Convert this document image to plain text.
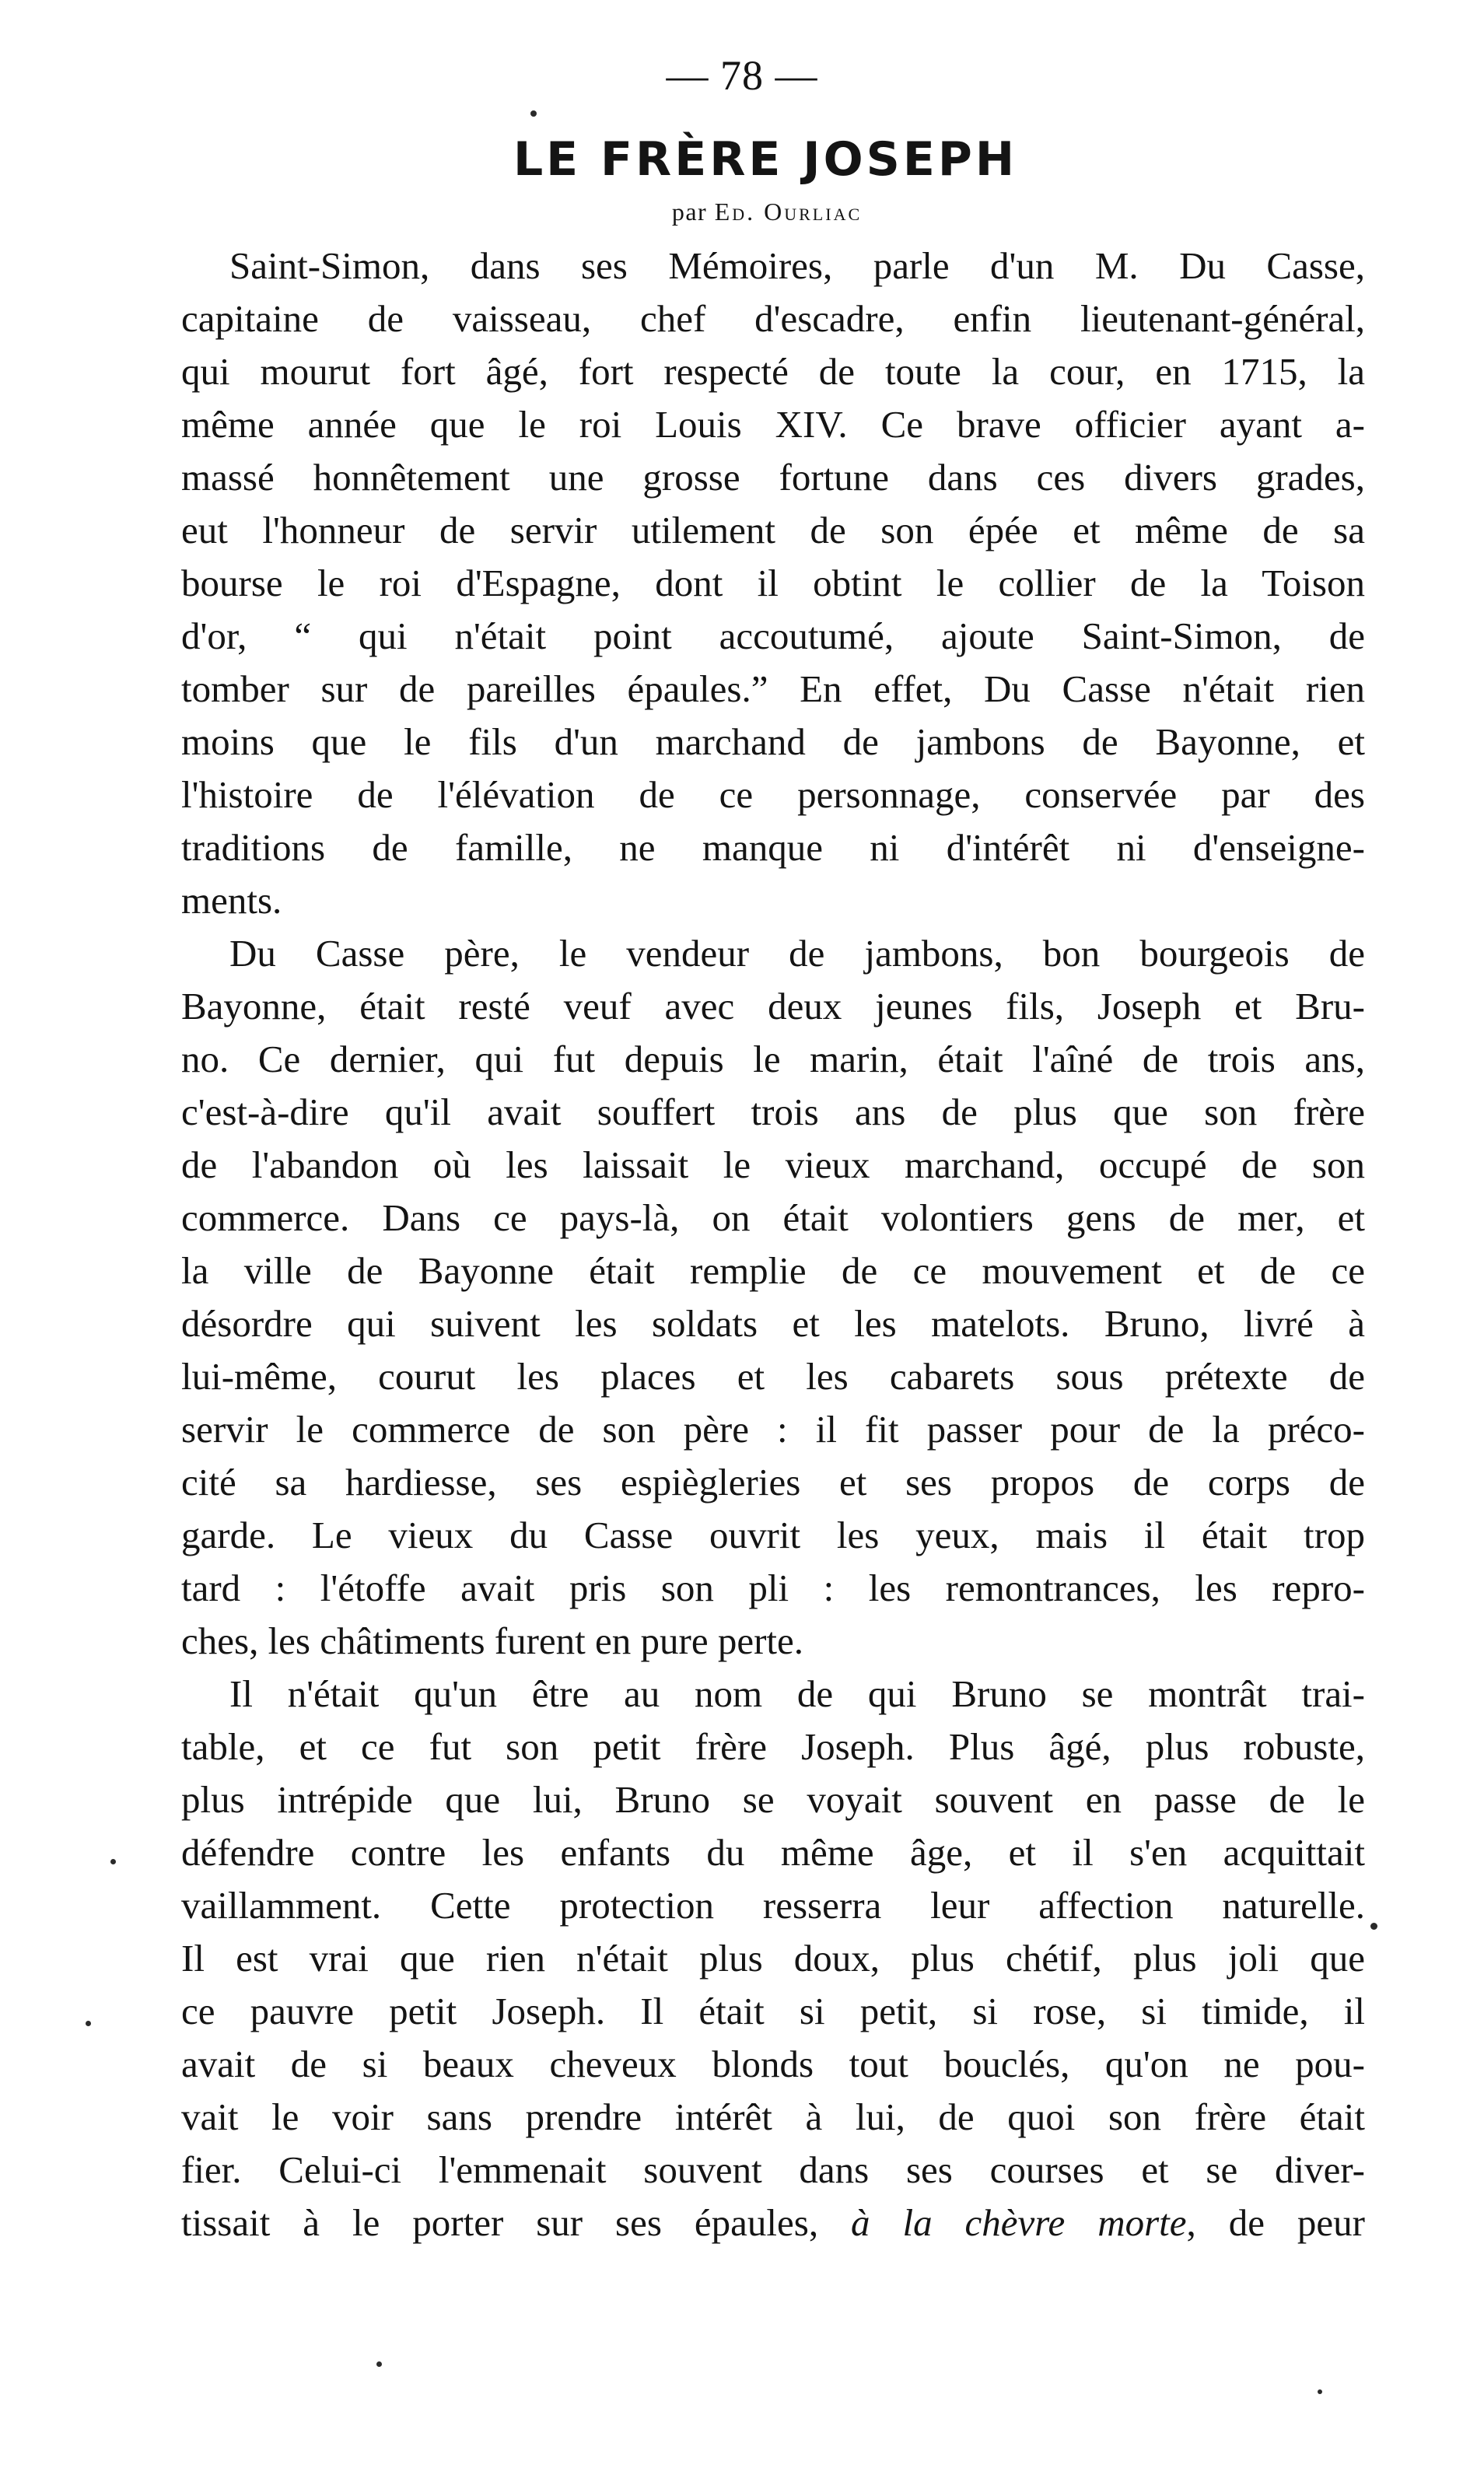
— 78 —
LE FRÈRE JOSEPH
par Ed. Ourliac
Saint-Simon, dans ses Mémoires, parle d'un M. Du Casse,
capitaine de vaisseau, chef d'escadre, enfin lieutenant-général,
qui mourut fort âgé, fort respecté de toute la cour, en 1715, la
même année que le roi Louis XIV. Ce brave officier ayant a-
massé honnêtement une grosse fortune dans ces divers grades,
eut l'honneur de servir utilement de son épée et même de sa
bourse le roi d'Espagne, dont il obtint le collier de la Toison
d'or, “ qui n'était point accoutumé, ajoute Saint-Simon, de
tomber sur de pareilles épaules.” En effet, Du Casse n'était rien
moins que le fils d'un marchand de jambons de Bayonne, et
l'histoire de l'élévation de ce personnage, conservée par des
traditions de famille, ne manque ni d'intérêt ni d'enseigne-
ments.
Du Casse père, le vendeur de jambons, bon bourgeois de
Bayonne, était resté veuf avec deux jeunes fils, Joseph et Bru-
no. Ce dernier, qui fut depuis le marin, était l'aîné de trois ans,
c'est-à-dire qu'il avait souffert trois ans de plus que son frère
de l'abandon où les laissait le vieux marchand, occupé de son
commerce. Dans ce pays-là, on était volontiers gens de mer, et
la ville de Bayonne était remplie de ce mouvement et de ce
désordre qui suivent les soldats et les matelots. Bruno, livré à
lui-même, courut les places et les cabarets sous prétexte de
servir le commerce de son père : il fit passer pour de la préco-
cité sa hardiesse, ses espiègleries et ses propos de corps de
garde. Le vieux du Casse ouvrit les yeux, mais il était trop
tard : l'étoffe avait pris son pli : les remontrances, les repro-
ches, les châtiments furent en pure perte.
Il n'était qu'un être au nom de qui Bruno se montrât trai-
table, et ce fut son petit frère Joseph. Plus âgé, plus robuste,
plus intrépide que lui, Bruno se voyait souvent en passe de le
défendre contre les enfants du même âge, et il s'en acquittait
vaillamment. Cette protection resserra leur affection naturelle.
Il est vrai que rien n'était plus doux, plus chétif, plus joli que
ce pauvre petit Joseph. Il était si petit, si rose, si timide, il
avait de si beaux cheveux blonds tout bouclés, qu'on ne pou-
vait le voir sans prendre intérêt à lui, de quoi son frère était
fier. Celui-ci l'emmenait souvent dans ses courses et se diver-
tissait à le porter sur ses épaules, à la chèvre morte, de peur
